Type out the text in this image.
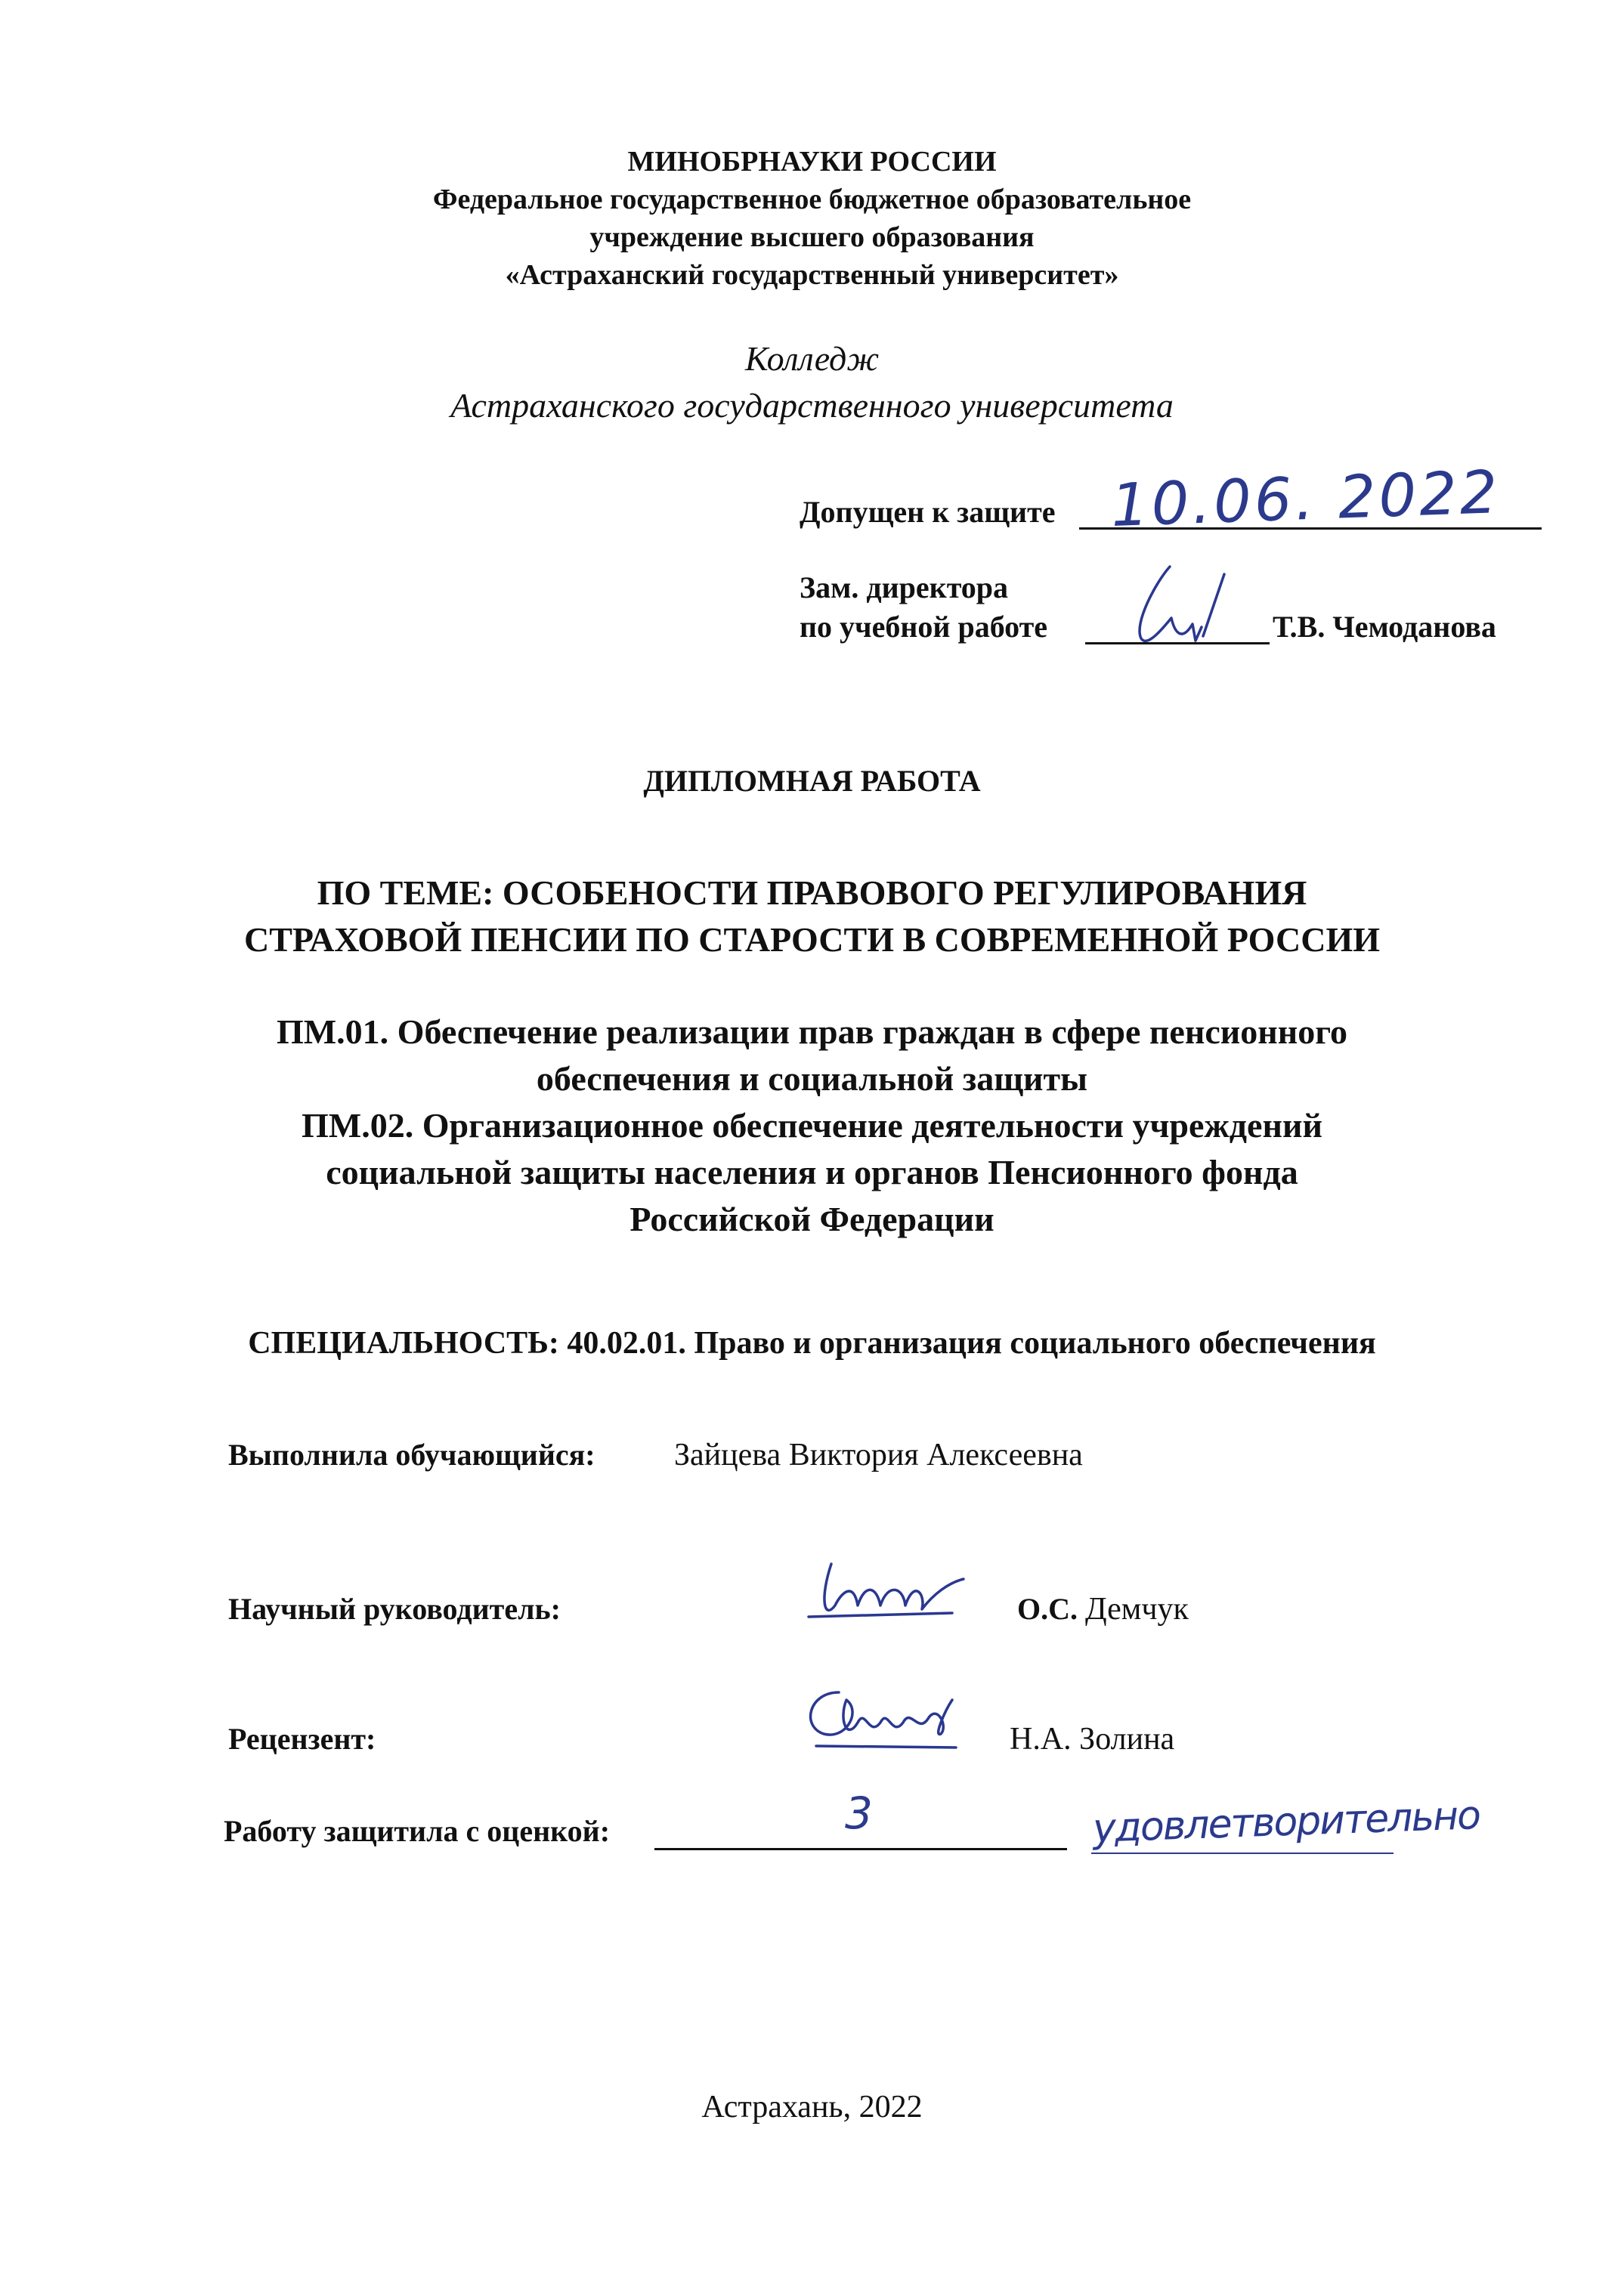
МИНОБРНАУКИ РОССИИ
Федеральное государственное бюджетное образовательное
учреждение высшего образования
«Астраханский государственный университет»
Колледж
Астраханского государственного университета
Допущен к защите 10.06. 2022
Зам. директора
по учебной работе	Т.В. Чемоданова
ДИПЛОМНАЯ РАБОТА
ПО ТЕМЕ: ОСОБЕНОСТИ ПРАВОВОГО РЕГУЛИРОВАНИЯ
СТРАХОВОЙ ПЕНСИИ ПО СТАРОСТИ В СОВРЕМЕННОЙ РОССИИ
ПМ.01. Обеспечение реализации прав граждан в сфере пенсионного
обеспечения и социальной защиты
ПМ.02. Организационное обеспечение деятельности учреждений
социальной защиты населения и органов Пенсионного фонда
Российской Федерации
СПЕЦИАЛЬНОСТЬ: 40.02.01. Право и организация социального обеспечения
Выполнила обучающийся: Зайцева Виктория Алексеевна
Научный руководитель:	О.С. Демчук
Рецензент:	Н.А. Золина
Работу защитила с оценкой:	3	удовлетворительно
Астрахань, 2022
